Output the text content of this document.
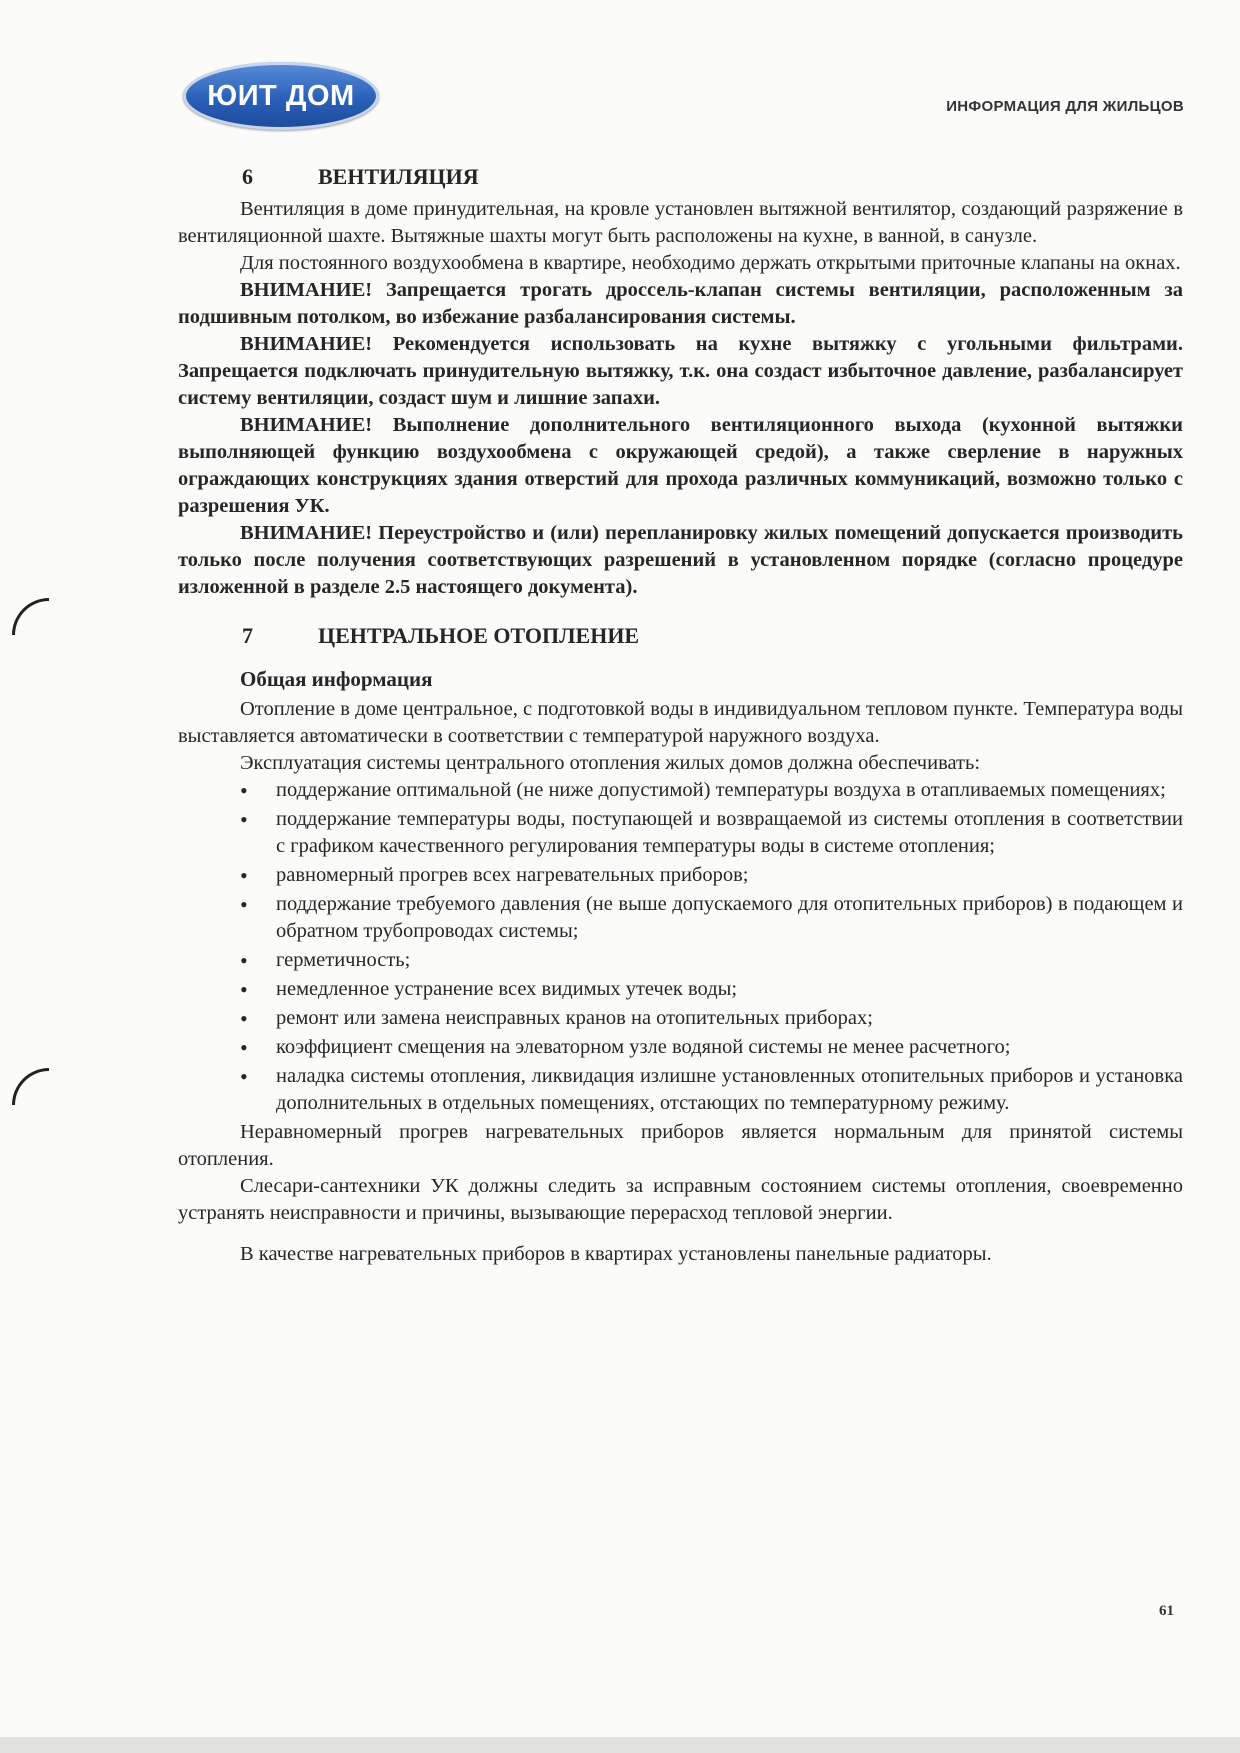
ЮИТ ДОМ	ИНФОРМАЦИЯ ДЛЯ ЖИЛЬЦОВ
6	ВЕНТИЛЯЦИЯ

Вентиляция в доме принудительная, на кровле установлен вытяжной вентилятор, создающий разряжение в вентиляционной шахте. Вытяжные шахты могут быть расположены на кухне, в ванной, в санузле.

Для постоянного воздухообмена в квартире, необходимо держать открытыми приточные клапаны на окнах.

ВНИМАНИЕ! Запрещается трогать дроссель-клапан системы вентиляции, расположенным за подшивным потолком, во избежание разбалансирования системы.

ВНИМАНИЕ! Рекомендуется использовать на кухне вытяжку с угольными фильтрами. Запрещается подключать принудительную вытяжку, т.к. она создаст избыточное давление, разбалансирует систему вентиляции, создаст шум и лишние запахи.

ВНИМАНИЕ! Выполнение дополнительного вентиляционного выхода (кухонной вытяжки выполняющей функцию воздухообмена с окружающей средой), а также сверление в наружных ограждающих конструкциях здания отверстий для прохода различных коммуникаций, возможно только с разрешения УК.

ВНИМАНИЕ! Переустройство и (или) перепланировку жилых помещений допускается производить только после получения соответствующих разрешений в установленном порядке (согласно процедуре изложенной в разделе 2.5 настоящего документа).

7	ЦЕНТРАЛЬНОЕ ОТОПЛЕНИЕ
Общая информация

Отопление в доме центральное, с подготовкой воды в индивидуальном тепловом пункте. Температура воды выставляется автоматически в соответствии с температурой наружного воздуха.

Эксплуатация системы центрального отопления жилых домов должна обеспечивать:

• поддержание оптимальной (не ниже допустимой) температуры воздуха в отапливаемых помещениях;
• поддержание температуры воды, поступающей и возвращаемой из системы отопления в соответствии с графиком качественного регулирования температуры воды в системе отопления;
• равномерный прогрев всех нагревательных приборов;
• поддержание требуемого давления (не выше допускаемого для отопительных приборов) в подающем и обратном трубопроводах системы;
• герметичность;
• немедленное устранение всех видимых утечек воды;
• ремонт или замена неисправных кранов на отопительных приборах;
• коэффициент смещения на элеваторном узле водяной системы не менее расчетного;
• наладка системы отопления, ликвидация излишне установленных отопительных приборов и установка дополнительных в отдельных помещениях, отстающих по температурному режиму.

Неравномерный прогрев нагревательных приборов является нормальным для принятой системы отопления.

Слесари-сантехники УК должны следить за исправным состоянием системы отопления, своевременно устранять неисправности и причины, вызывающие перерасход тепловой энергии.

В качестве нагревательных приборов в квартирах установлены панельные радиаторы.

61
